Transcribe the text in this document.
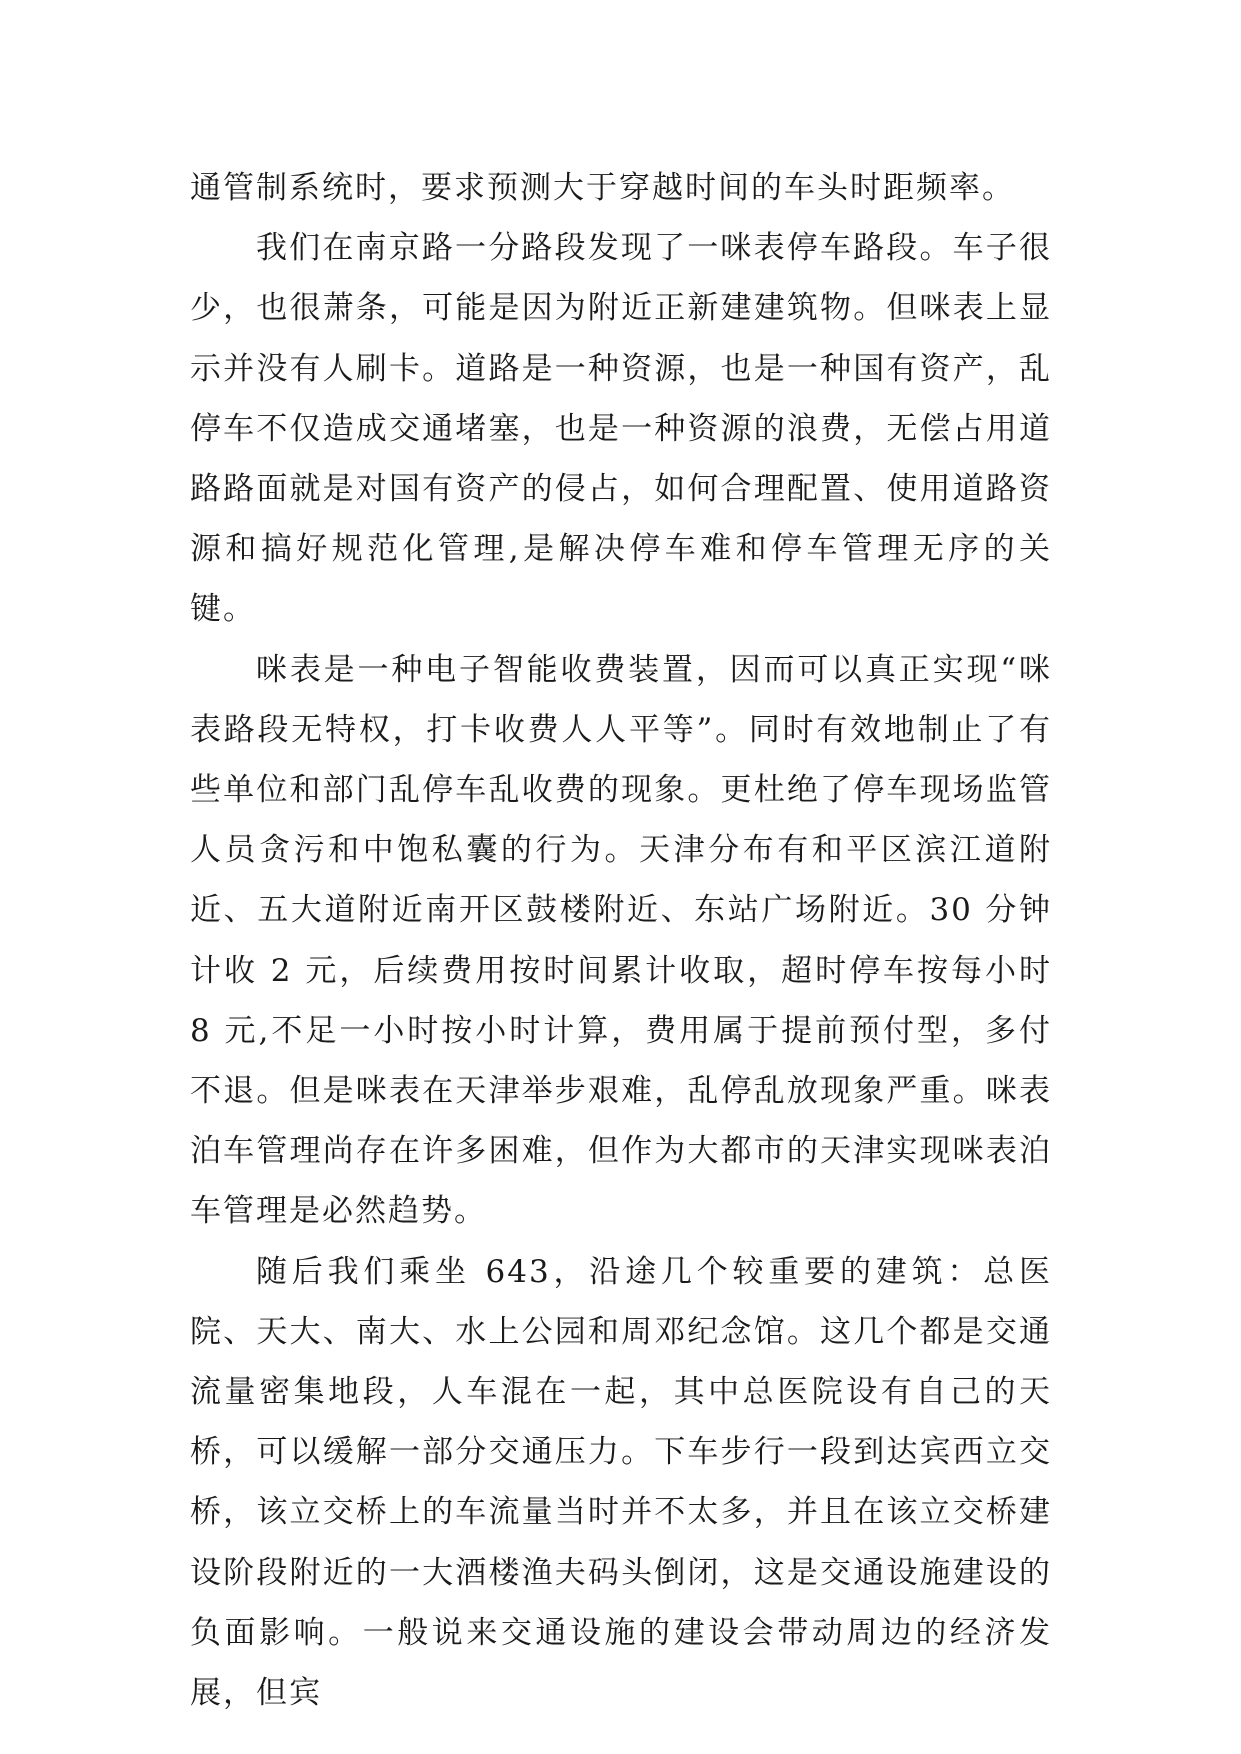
通管制系统时，要求预测大于穿越时间的车头时距频率。

我们在南京路一分路段发现了一咪表停车路段。车子很少，也很萧条，可能是因为附近正新建建筑物。但咪表上显示并没有人刷卡。道路是一种资源，也是一种国有资产，乱停车不仅造成交通堵塞，也是一种资源的浪费，无偿占用道路路面就是对国有资产的侵占，如何合理配置、使用道路资源和搞好规范化管理,是解决停车难和停车管理无序的关键。

咪表是一种电子智能收费装置，因而可以真正实现“咪表路段无特权，打卡收费人人平等”。同时有效地制止了有些单位和部门乱停车乱收费的现象。更杜绝了停车现场监管人员贪污和中饱私囊的行为。天津分布有和平区滨江道附近、五大道附近南开区鼓楼附近、东站广场附近。30 分钟计收 2 元，后续费用按时间累计收取，超时停车按每小时 8 元,不足一小时按小时计算，费用属于提前预付型，多付不退。但是咪表在天津举步艰难，乱停乱放现象严重。咪表泊车管理尚存在许多困难，但作为大都市的天津实现咪表泊车管理是必然趋势。

随后我们乘坐 643，沿途几个较重要的建筑：总医院、天大、南大、水上公园和周邓纪念馆。这几个都是交通流量密集地段，人车混在一起，其中总医院设有自己的天桥，可以缓解一部分交通压力。下车步行一段到达宾西立交桥，该立交桥上的车流量当时并不太多，并且在该立交桥建设阶段附近的一大酒楼渔夫码头倒闭，这是交通设施建设的负面影响。一般说来交通设施的建设会带动周边的经济发展，但宾
